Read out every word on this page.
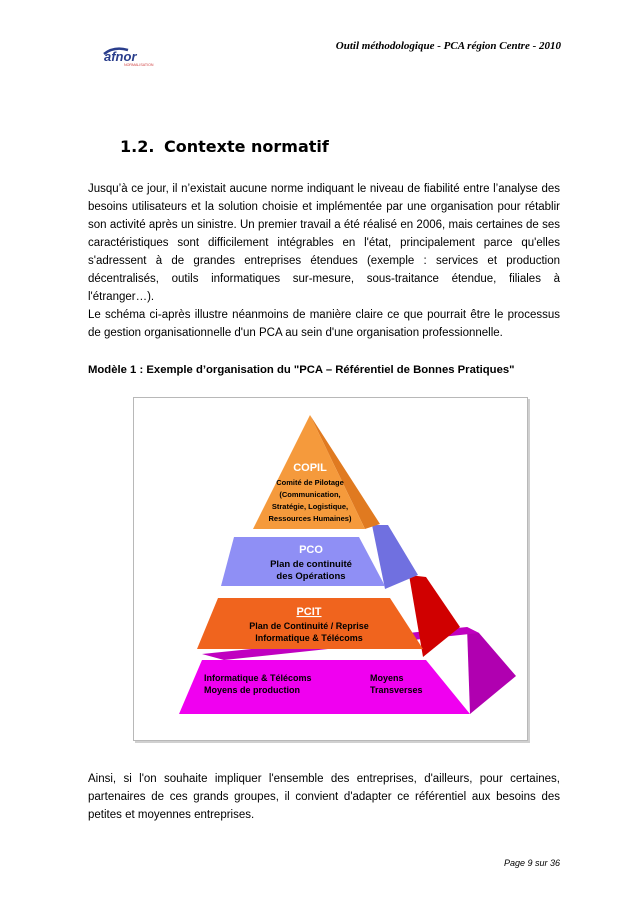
Outil méthodologique - PCA région Centre - 2010
afnor
NORMALISATION
1.2. Contexte normatif

Jusqu’à ce jour, il n’existait aucune norme indiquant le niveau de fiabilité entre l’analyse des besoins utilisateurs et la solution choisie et implémentée par une organisation pour rétablir son activité après un sinistre. Un premier travail a été réalisé en 2006, mais certaines de ses caractéristiques sont difficilement intégrables en l'état, principalement parce qu'elles s'adressent à de grandes entreprises étendues (exemple : services et production décentralisés, outils informatiques sur-mesure, sous-traitance étendue, filiales à l'étranger…).

Le schéma ci-après illustre néanmoins de manière claire ce que pourrait être le processus de gestion organisationnelle d'un PCA au sein d'une organisation professionnelle.

Modèle 1 : Exemple d’organisation du "PCA – Référentiel de Bonnes Pratiques"
COPIL
Comité de Pilotage
(Communication,
Stratégie, Logistique,
Ressources Humaines)
PCO
Plan de continuité
des Opérations
PCIT
Plan de Continuité / Reprise
Informatique & Télécoms
Informatique & Télécoms
Moyens de production
Moyens
Transverses

Ainsi, si l'on souhaite impliquer l'ensemble des entreprises, d'ailleurs, pour certaines, partenaires de ces grands groupes, il convient d'adapter ce référentiel aux besoins des petites et moyennes entreprises.

Page 9 sur 36
